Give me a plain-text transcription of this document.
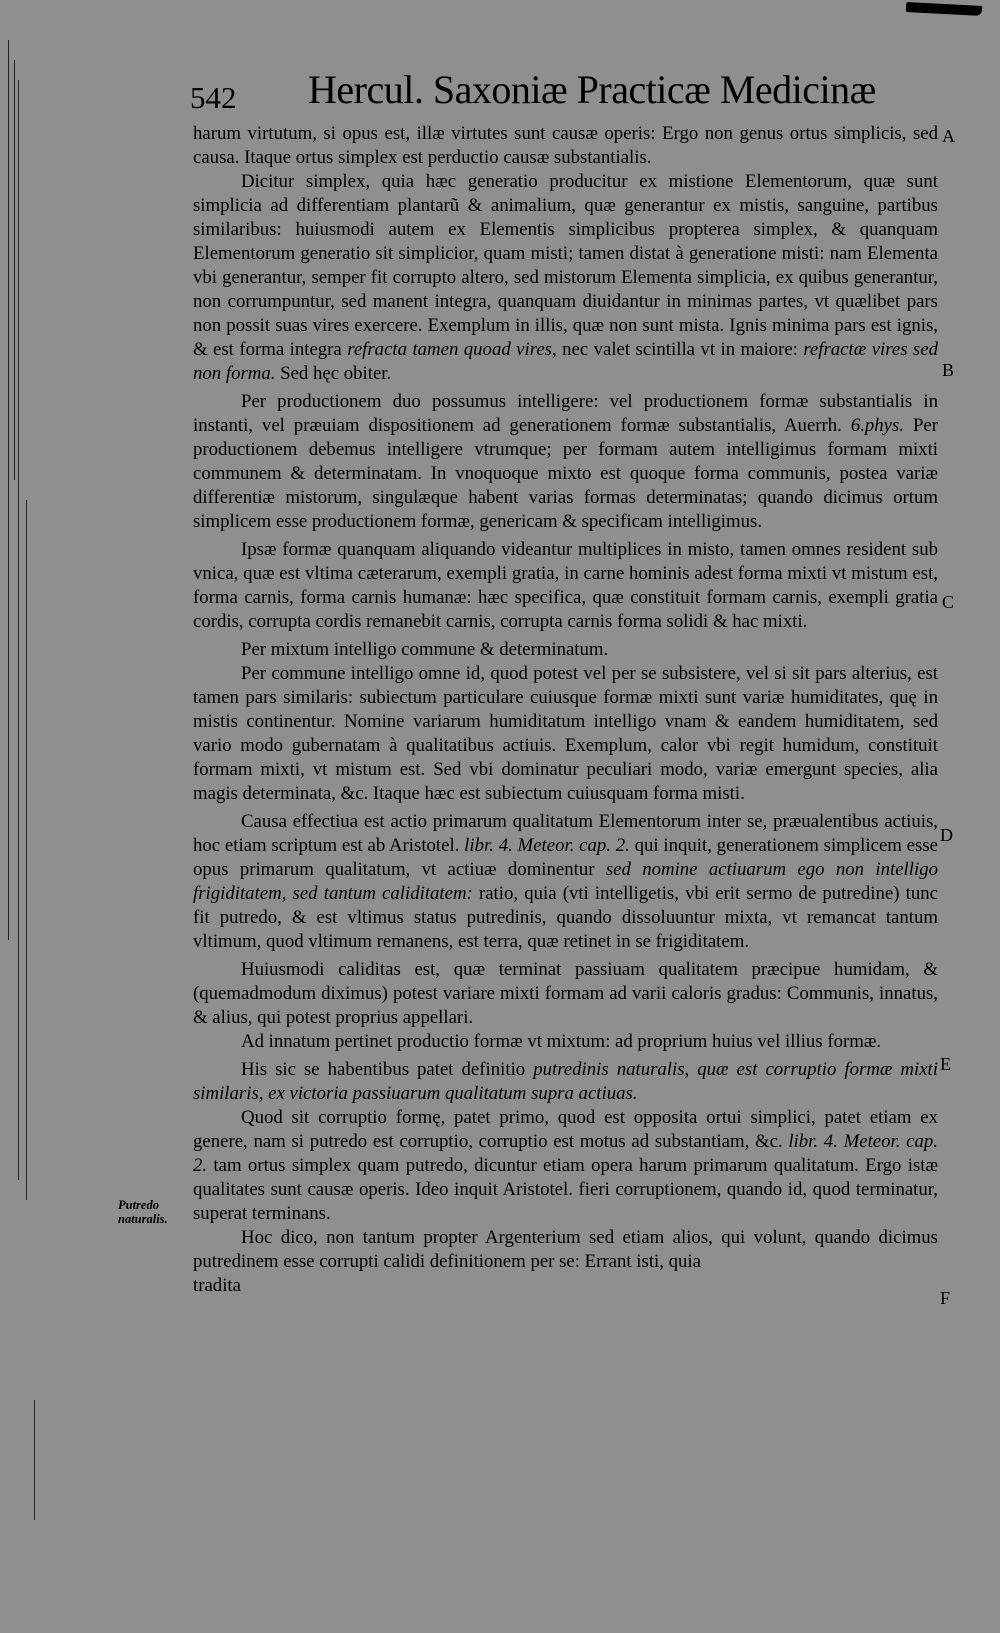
542 Hercul. Saxoniæ Practicæ Medicinæ
A
B
C
D
E
F
Putredo naturalis.

harum virtutum, si opus est, illæ virtutes sunt causæ operis: Ergo non genus ortus simplicis, sed causa. Itaque ortus simplex est perductio causæ substantialis.

Dicitur simplex, quia hæc generatio producitur ex mistione Elementorum, quæ sunt simplicia ad differentiam plantarũ & animalium, quæ generantur ex mistis, sanguine, partibus similaribus: huiusmodi autem ex Elementis simplicibus propterea simplex, & quanquam Elementorum generatio sit simplicior, quam misti; tamen distat à generatione misti: nam Elementa vbi generantur, semper fit corrupto altero, sed mistorum Elementa simplicia, ex quibus generantur, non corrumpuntur, sed manent integra, quanquam diuidantur in minimas partes, vt quælibet pars non possit suas vires exercere. Exemplum in illis, quæ non sunt mista. Ignis minima pars est ignis, & est forma integra refracta tamen quoad vires, nec valet scintilla vt in maiore: refractæ vires sed non forma. Sed hęc obiter.

Per productionem duo possumus intelligere: vel productionem formæ substantialis in instanti, vel præuiam dispositionem ad generationem formæ substantialis, Auerrh. 6.phys. Per productionem debemus intelligere vtrumque; per formam autem intelligimus formam mixti communem & determinatam. In vnoquoque mixto est quoque forma communis, postea variæ differentiæ mistorum, singulæque habent varias formas determinatas; quando dicimus ortum simplicem esse productionem formæ, genericam & specificam intelligimus.

Ipsæ formæ quanquam aliquando videantur multiplices in misto, tamen omnes resident sub vnica, quæ est vltima cæterarum, exempli gratia, in carne hominis adest forma mixti vt mistum est, forma carnis, forma carnis humanæ: hæc specifica, quæ constituit formam carnis, exempli gratia cordis, corrupta cordis remanebit carnis, corrupta carnis forma solidi & hac mixti.

Per mixtum intelligo commune & determinatum.

Per commune intelligo omne id, quod potest vel per se subsistere, vel si sit pars alterius, est tamen pars similaris: subiectum particulare cuiusque formæ mixti sunt variæ humiditates, quę in mistis continentur. Nomine variarum humiditatum intelligo vnam & eandem humiditatem, sed vario modo gubernatam à qualitatibus actiuis. Exemplum, calor vbi regit humidum, constituit formam mixti, vt mistum est. Sed vbi dominatur peculiari modo, variæ emergunt species, alia magis determinata, &c. Itaque hæc est subiectum cuiusquam forma misti.

Causa effectiua est actio primarum qualitatum Elementorum inter se, præualentibus actiuis, hoc etiam scriptum est ab Aristotel. libr. 4. Meteor. cap. 2. qui inquit, generationem simplicem esse opus primarum qualitatum, vt actiuæ dominentur sed nomine actiuarum ego non intelligo frigiditatem, sed tantum caliditatem: ratio, quia (vti intelligetis, vbi erit sermo de putredine) tunc fit putredo, & est vltimus status putredinis, quando dissoluuntur mixta, vt remancat tantum vltimum, quod vltimum remanens, est terra, quæ retinet in se frigiditatem.

Huiusmodi caliditas est, quæ terminat passiuam qualitatem præcipue humidam, & (quemadmodum diximus) potest variare mixti formam ad varii caloris gradus: Communis, innatus, & alius, qui potest proprius appellari.

Ad innatum pertinet productio formæ vt mixtum: ad proprium huius vel illius formæ.

His sic se habentibus patet definitio putredinis naturalis, quæ est corruptio formæ mixti similaris, ex victoria passiuarum qualitatum supra actiuas.

Quod sit corruptio formę, patet primo, quod est opposita ortui simplici, patet etiam ex genere, nam si putredo est corruptio, corruptio est motus ad substantiam, &c. libr. 4. Meteor. cap. 2. tam ortus simplex quam putredo, dicuntur etiam opera harum primarum qualitatum. Ergo istæ qualitates sunt causæ operis. Ideo inquit Aristotel. fieri corruptionem, quando id, quod terminatur, superat terminans.

Hoc dico, non tantum propter Argenterium sed etiam alios, qui volunt, quando dicimus putredinem esse corrupti calidi definitionem per se: Errant isti, quia

tradita
